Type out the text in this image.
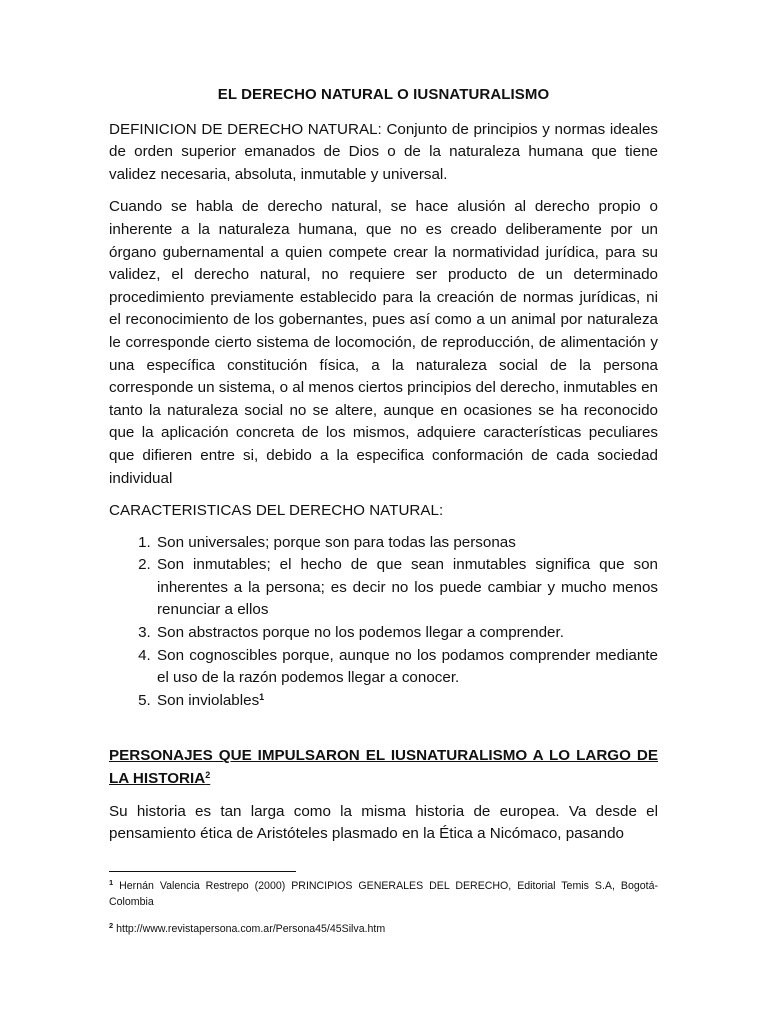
EL DERECHO NATURAL O IUSNATURALISMO

DEFINICION DE DERECHO NATURAL: Conjunto de principios y normas ideales de orden superior emanados de Dios o de la naturaleza humana que tiene validez necesaria, absoluta, inmutable y universal.

Cuando se habla de derecho natural, se hace alusión al derecho propio o inherente a la naturaleza humana, que no es creado deliberamente por un órgano gubernamental a quien compete crear la normatividad jurídica, para su validez, el derecho natural, no requiere ser producto de un determinado procedimiento previamente establecido para la creación de normas jurídicas, ni el reconocimiento de los gobernantes, pues así como a un animal por naturaleza le corresponde cierto sistema de locomoción, de reproducción, de alimentación y una específica constitución física, a la naturaleza social de la persona corresponde un sistema, o al menos ciertos principios del derecho, inmutables en tanto la naturaleza social no se altere, aunque en ocasiones se ha reconocido que la aplicación concreta de los mismos, adquiere características peculiares que difieren entre si, debido a la especifica conformación de cada sociedad individual

CARACTERISTICAS DEL DERECHO NATURAL:
1. Son universales; porque son para todas las personas
2. Son inmutables; el hecho de que sean inmutables significa que son inherentes a la persona; es decir no los puede cambiar y mucho menos renunciar a ellos
3. Son abstractos porque no los podemos llegar a comprender.
4. Son cognoscibles porque, aunque no los podamos comprender mediante el uso de la razón podemos llegar a conocer.
5. Son inviolables$^1$
PERSONAJES QUE IMPULSARON EL IUSNATURALISMO A LO LARGO DE LA HISTORIA$^2$

Su historia es tan larga como la misma historia de europea. Va desde el pensamiento ética de Aristóteles plasmado en la Ética a Nicómaco, pasando

$^1$ Hernán Valencia Restrepo (2000) PRINCIPIOS GENERALES DEL DERECHO, Editorial Temis S.A, Bogotá-Colombia

$^2$ http://www.revistapersona.com.ar/Persona45/45Silva.htm
